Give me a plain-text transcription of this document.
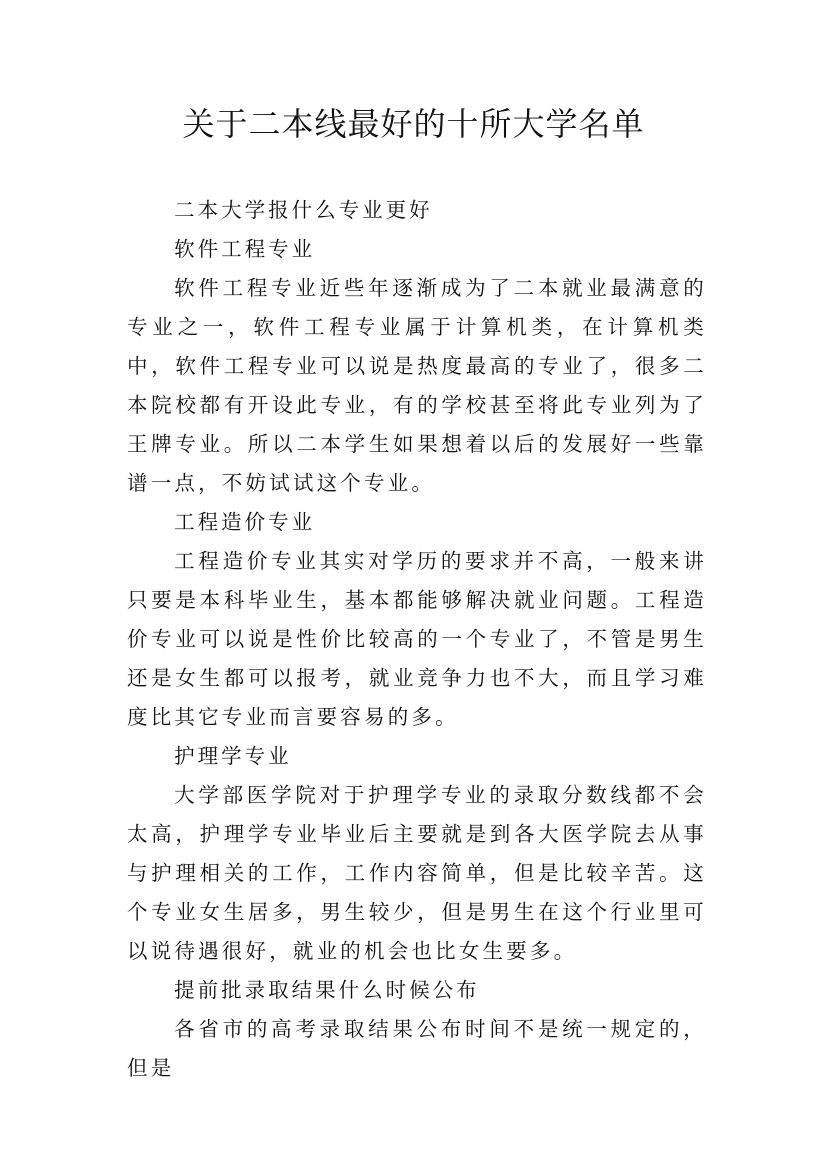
关于二本线最好的十所大学名单

二本大学报什么专业更好

软件工程专业

软件工程专业近些年逐渐成为了二本就业最满意的专业之一，软件工程专业属于计算机类，在计算机类中，软件工程专业可以说是热度最高的专业了，很多二本院校都有开设此专业，有的学校甚至将此专业列为了王牌专业。所以二本学生如果想着以后的发展好一些靠谱一点，不妨试试这个专业。

工程造价专业

工程造价专业其实对学历的要求并不高，一般来讲只要是本科毕业生，基本都能够解决就业问题。工程造价专业可以说是性价比较高的一个专业了，不管是男生还是女生都可以报考，就业竞争力也不大，而且学习难度比其它专业而言要容易的多。

护理学专业

大学部医学院对于护理学专业的录取分数线都不会太高，护理学专业毕业后主要就是到各大医学院去从事与护理相关的工作，工作内容简单，但是比较辛苦。这个专业女生居多，男生较少，但是男生在这个行业里可以说待遇很好，就业的机会也比女生要多。

提前批录取结果什么时候公布

各省市的高考录取结果公布时间不是统一规定的，但是
